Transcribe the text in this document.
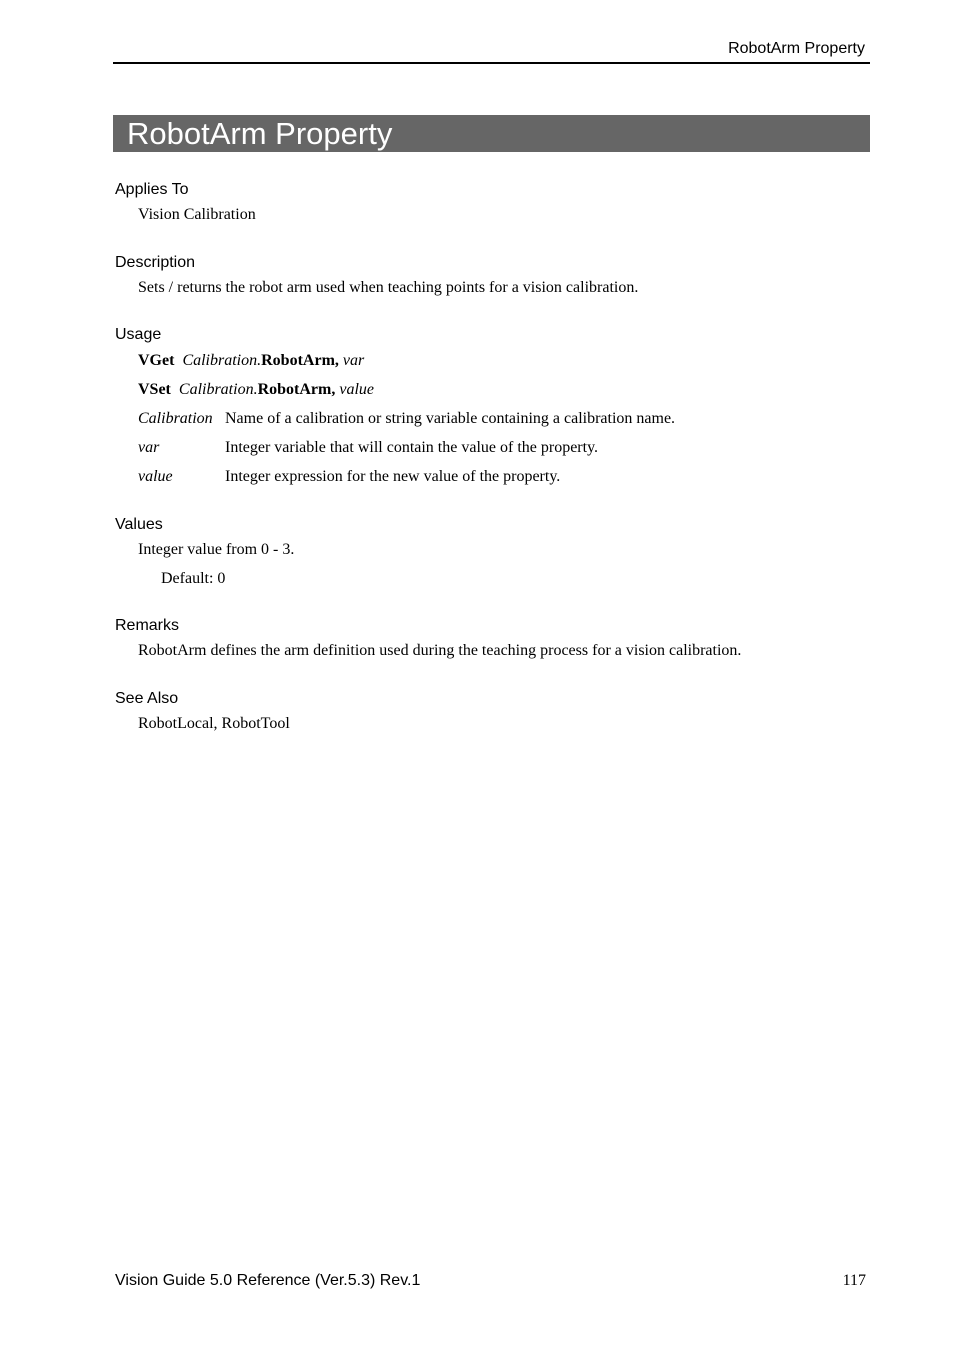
RobotArm Property
RobotArm Property
Applies To
Vision Calibration
Description
Sets / returns the robot arm used when teaching points for a vision calibration.
Usage
VGet Calibration.RobotArm, var
VSet Calibration.RobotArm, value
Calibration Name of a calibration or string variable containing a calibration name.
var	Integer variable that will contain the value of the property.
value	Integer expression for the new value of the property.
Values
Integer value from 0 - 3.
Default: 0
Remarks
RobotArm defines the arm definition used during the teaching process for a vision calibration.
See Also
RobotLocal, RobotTool
Vision Guide 5.0 Reference (Ver.5.3) Rev.1	117
